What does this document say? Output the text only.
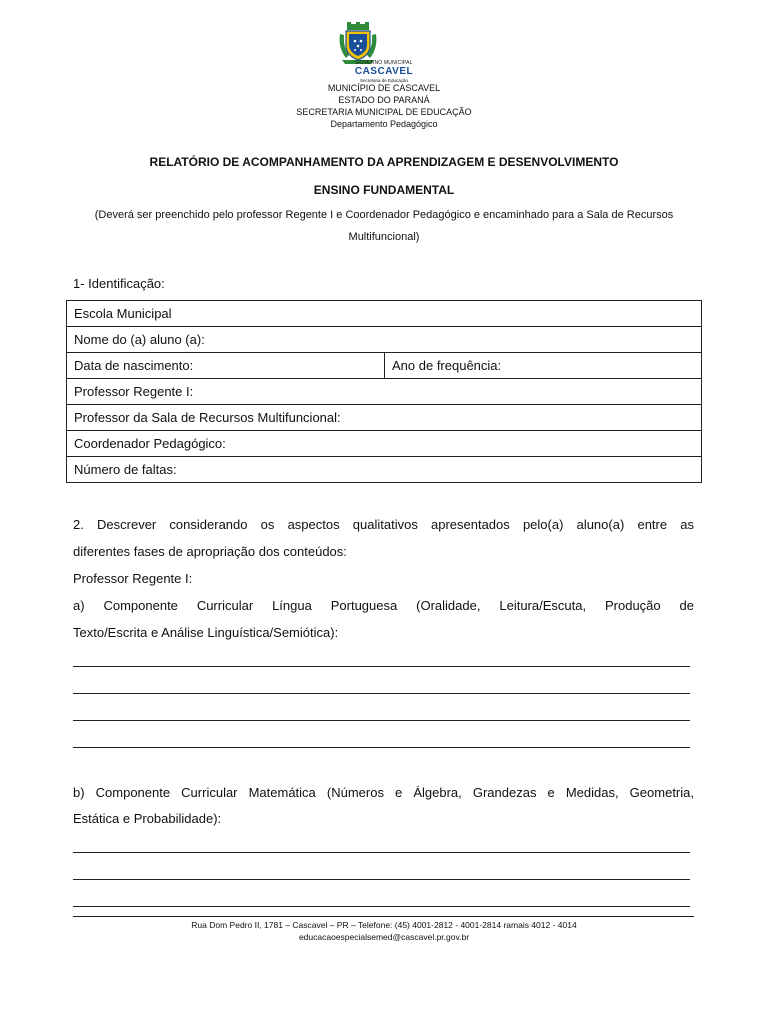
GOVERNO MUNICIPAL
CASCAVEL
Secretaria de Educação
MUNICÍPIO DE CASCAVEL
ESTADO DO PARANÁ
SECRETARIA MUNICIPAL DE EDUCAÇÃO
Departamento Pedagógico
RELATÓRIO DE ACOMPANHAMENTO DA APRENDIZAGEM E DESENVOLVIMENTO
ENSINO FUNDAMENTAL
(Deverá ser preenchido pelo professor Regente I e Coordenador Pedagógico e encaminhado para a Sala de Recursos
Multifuncional)
1- Identificação:
Escola Municipal
Nome do (a) aluno (a):
Data de nascimento:	Ano de frequência:
Professor Regente I:
Professor da Sala de Recursos Multifuncional:
Coordenador Pedagógico:
Número de faltas:
2. Descrever considerando os aspectos qualitativos apresentados pelo(a) aluno(a) entre as
diferentes fases de apropriação dos conteúdos:
Professor Regente I:
a) Componente Curricular Língua Portuguesa (Oralidade, Leitura/Escuta, Produção de
Texto/Escrita e Análise Linguística/Semiótica):
b) Componente Curricular Matemática (Números e Álgebra, Grandezas e Medidas, Geometria,
Estática e Probabilidade):
Rua Dom Pedro II, 1781 – Cascavel – PR – Telefone: (45) 4001-2812 - 4001-2814 ramais 4012 - 4014
educacaoespecialsemed@cascavel.pr.gov.br
